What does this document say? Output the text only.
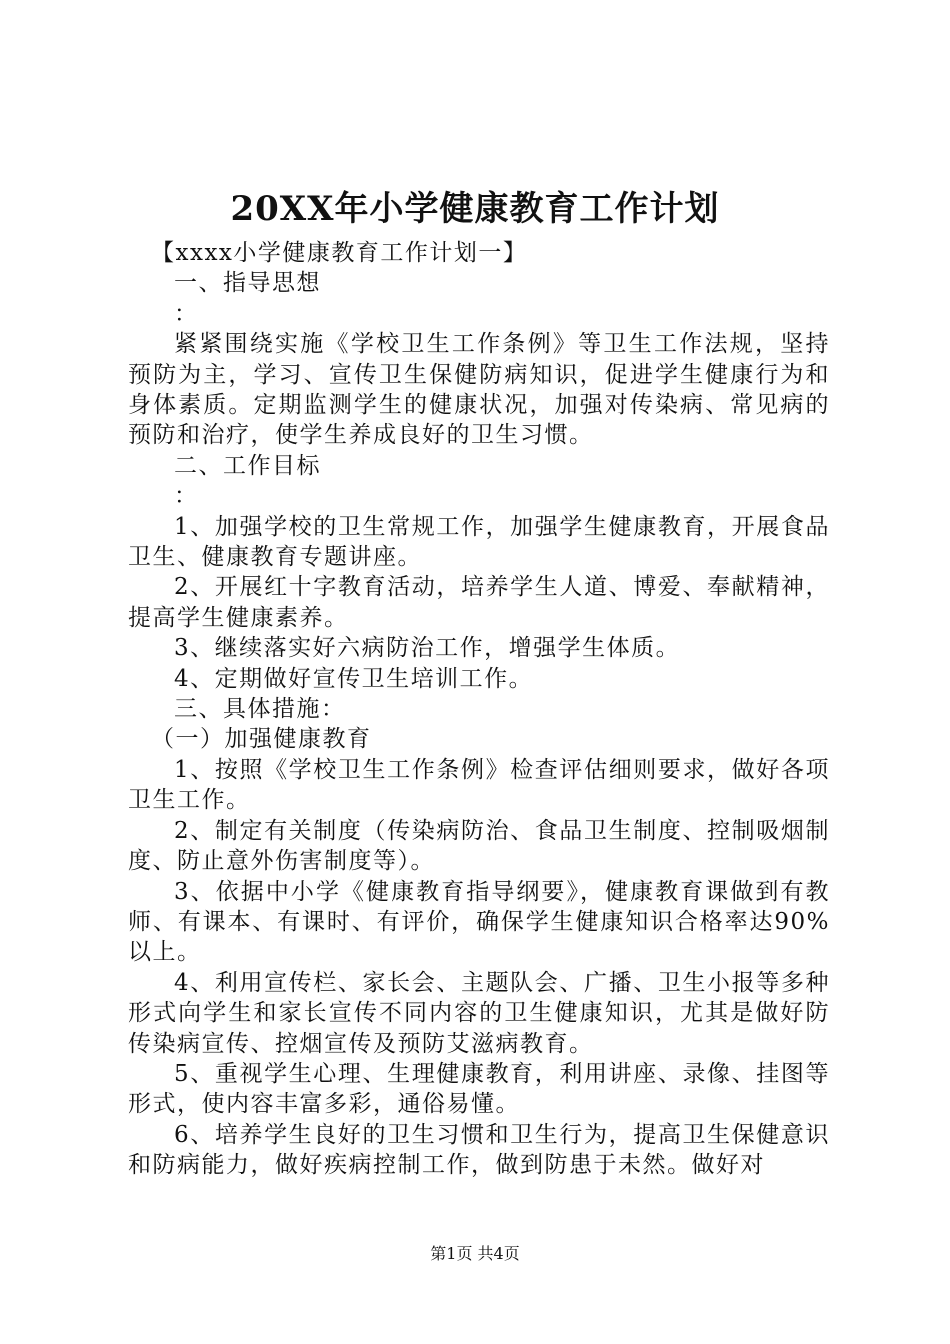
20XX年小学健康教育工作计划

【xxxx小学健康教育工作计划一】

一、指导思想

：

紧紧围绕实施《学校卫生工作条例》等卫生工作法规，坚持预防为主，学习、宣传卫生保健防病知识，促进学生健康行为和身体素质。定期监测学生的健康状况，加强对传染病、常见病的预防和治疗，使学生养成良好的卫生习惯。

二、工作目标

：

1、加强学校的卫生常规工作，加强学生健康教育，开展食品卫生、健康教育专题讲座。

2、开展红十字教育活动，培养学生人道、博爱、奉献精神，提高学生健康素养。

3、继续落实好六病防治工作，增强学生体质。

4、定期做好宣传卫生培训工作。

三、具体措施：

（一）加强健康教育

1、按照《学校卫生工作条例》检查评估细则要求，做好各项卫生工作。

2、制定有关制度（传染病防治、食品卫生制度、控制吸烟制度、防止意外伤害制度等）。

3、依据中小学《健康教育指导纲要》，健康教育课做到有教师、有课本、有课时、有评价，确保学生健康知识合格率达90%以上。

4、利用宣传栏、家长会、主题队会、广播、卫生小报等多种形式向学生和家长宣传不同内容的卫生健康知识，尤其是做好防传染病宣传、控烟宣传及预防艾滋病教育。

5、重视学生心理、生理健康教育，利用讲座、录像、挂图等形式，使内容丰富多彩，通俗易懂。

6、培养学生良好的卫生习惯和卫生行为，提高卫生保健意识和防病能力，做好疾病控制工作，做到防患于未然。做好对

第1页 共4页
